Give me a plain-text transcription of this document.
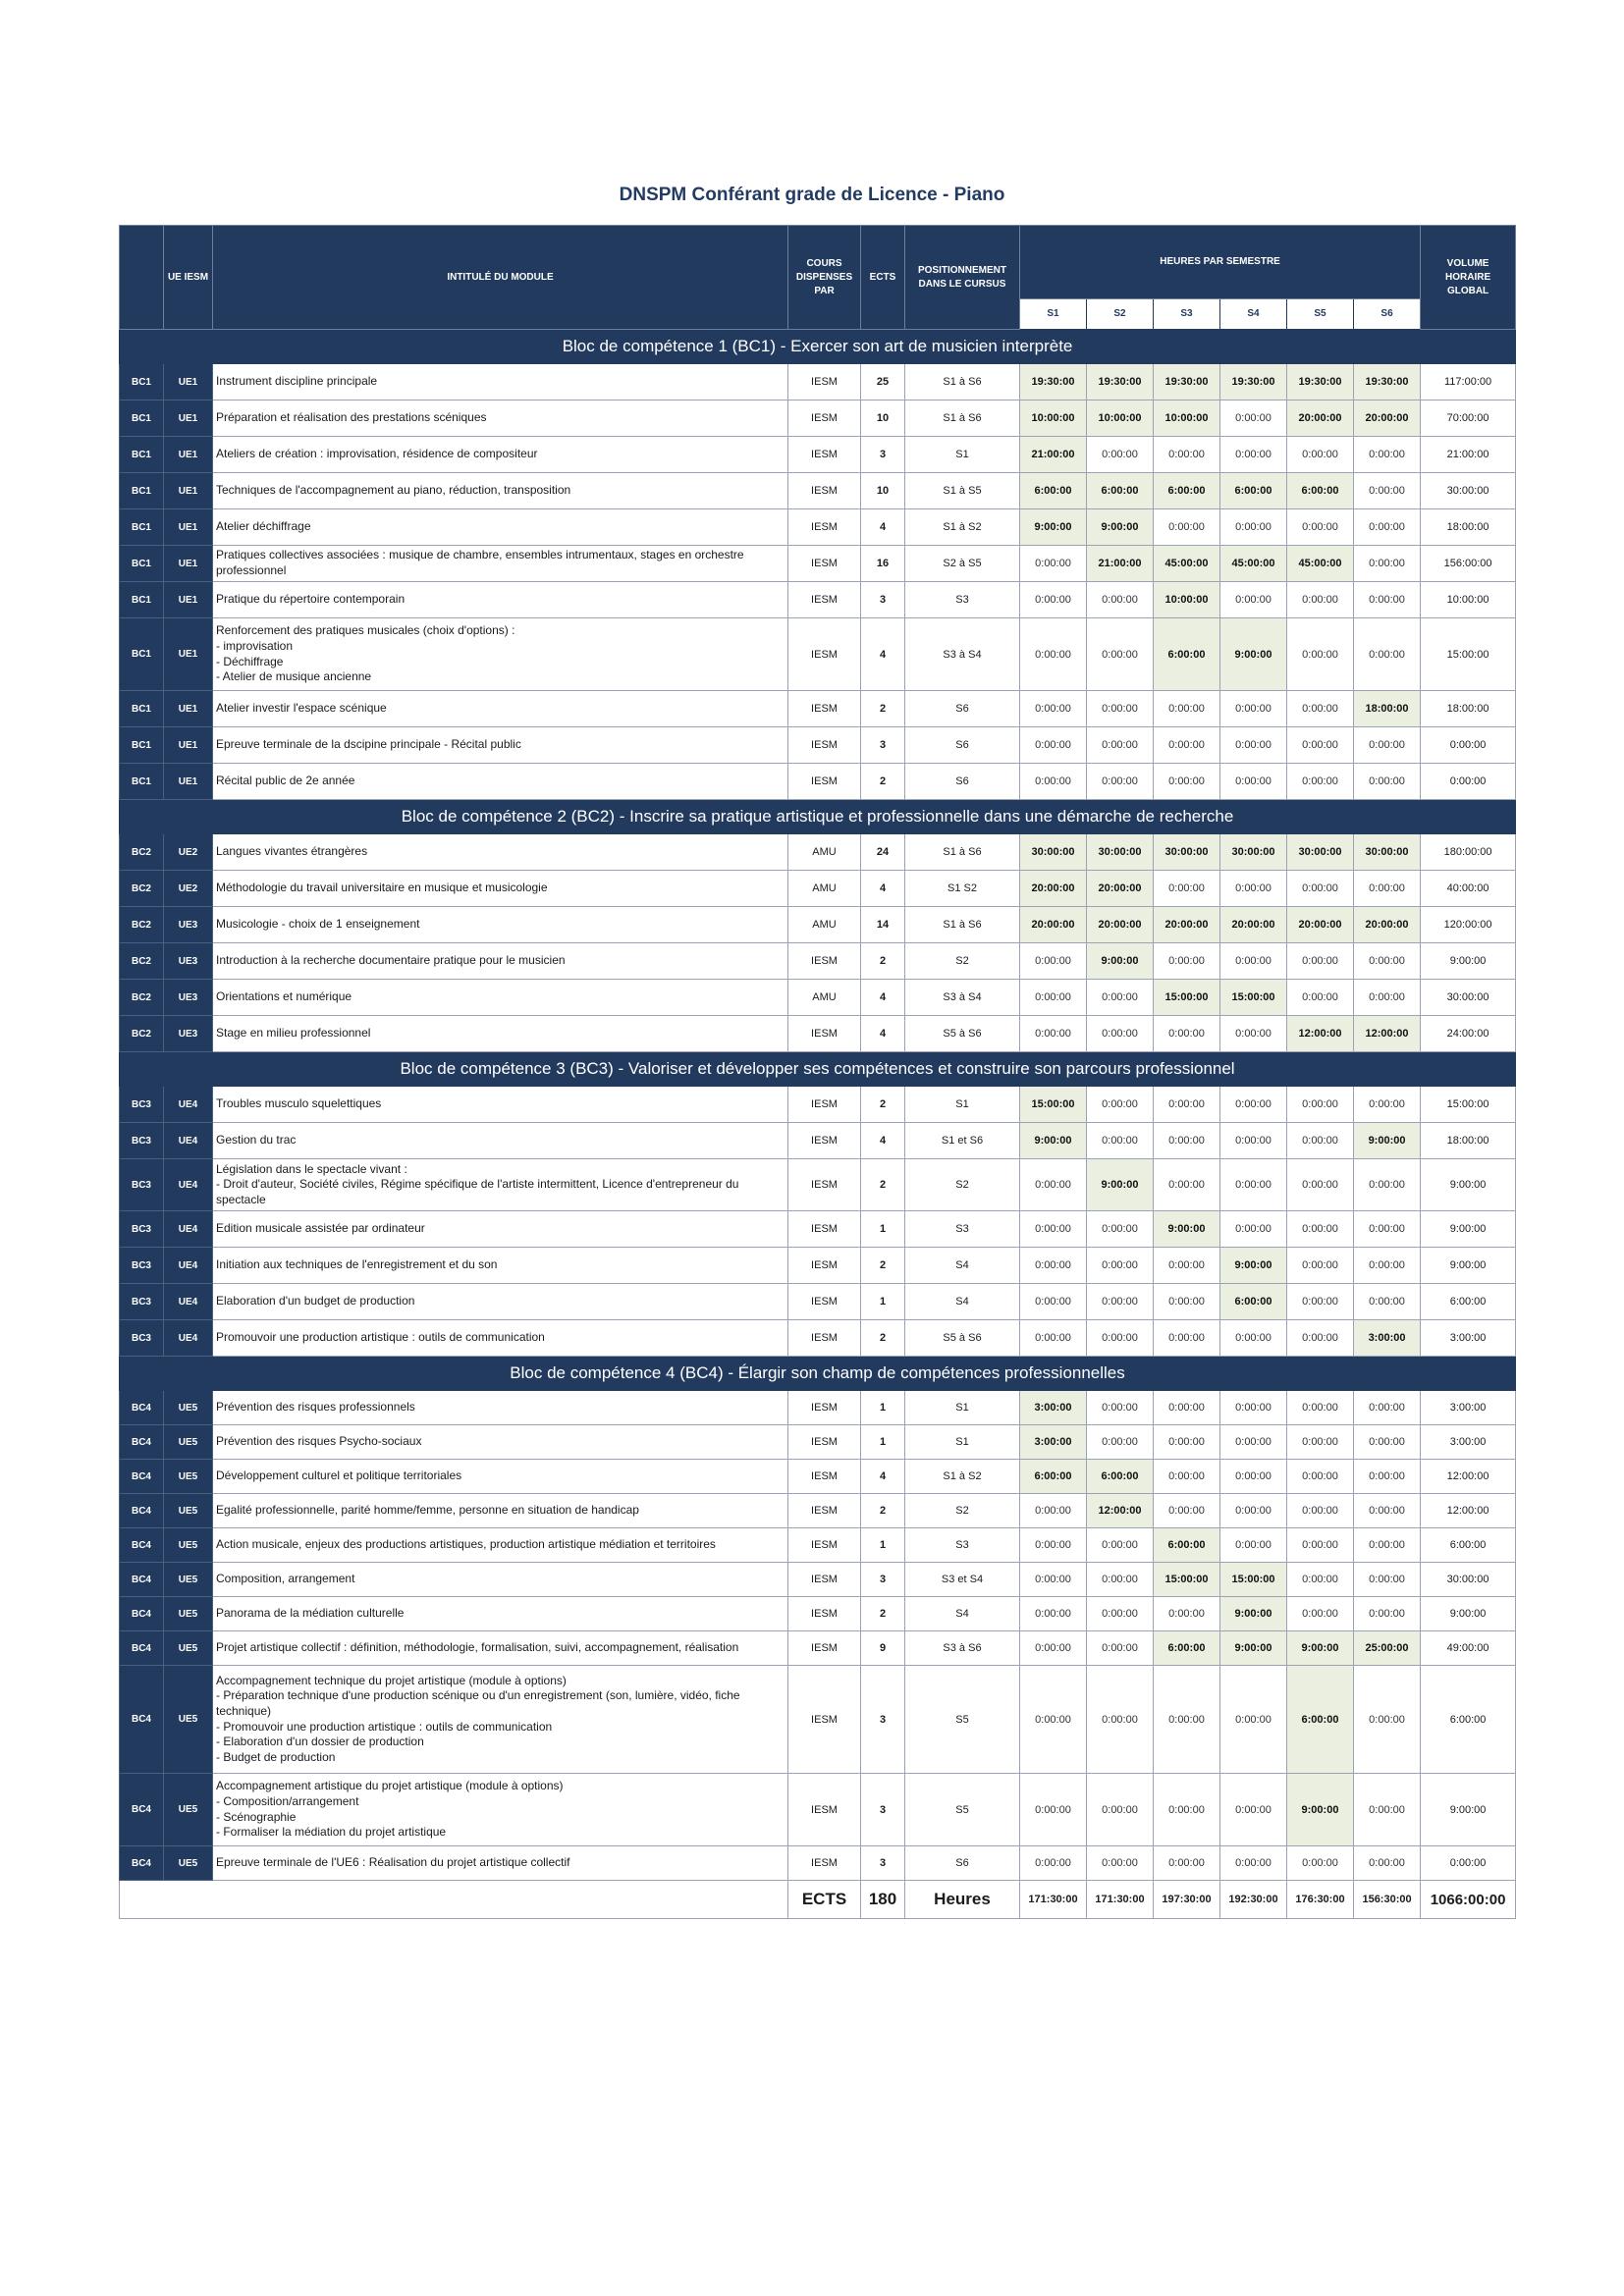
DNSPM Conférant grade de Licence - Piano
	UE IESM	INTITULÉ DU MODULE	COURS DISPENSES PAR	ECTS	POSITIONNEMENT DANS LE CURSUS	HEURES PAR SEMESTRE						VOLUME HORAIRE GLOBAL
						S1	S2	S3	S4	S5	S6	
Bloc de compétence 1 (BC1) - Exercer son art de musicien interprète												
BC1	UE1	Instrument discipline principale	IESM	25	S1 à S6	19:30:00	19:30:00	19:30:00	19:30:00	19:30:00	19:30:00	117:00:00
BC1	UE1	Préparation et réalisation des prestations scéniques	IESM	10	S1 à S6	10:00:00	10:00:00	10:00:00	0:00:00	20:00:00	20:00:00	70:00:00
BC1	UE1	Ateliers de création : improvisation, résidence de compositeur	IESM	3	S1	21:00:00	0:00:00	0:00:00	0:00:00	0:00:00	0:00:00	21:00:00
BC1	UE1	Techniques de l'accompagnement au piano, réduction, transposition	IESM	10	S1 à S5	6:00:00	6:00:00	6:00:00	6:00:00	6:00:00	0:00:00	30:00:00
BC1	UE1	Atelier déchiffrage	IESM	4	S1 à S2	9:00:00	9:00:00	0:00:00	0:00:00	0:00:00	0:00:00	18:00:00
BC1	UE1	Pratiques collectives associées : musique de chambre, ensembles intrumentaux, stages en orchestre professionnel	IESM	16	S2 à S5	0:00:00	21:00:00	45:00:00	45:00:00	45:00:00	0:00:00	156:00:00
BC1	UE1	Pratique du répertoire contemporain	IESM	3	S3	0:00:00	0:00:00	10:00:00	0:00:00	0:00:00	0:00:00	10:00:00
BC1	UE1	Renforcement des pratiques musicales (choix d'options) :
- improvisation
- Déchiffrage
- Atelier de musique ancienne	IESM	4	S3 à S4	0:00:00	0:00:00	6:00:00	9:00:00	0:00:00	0:00:00	15:00:00
BC1	UE1	Atelier investir l'espace scénique	IESM	2	S6	0:00:00	0:00:00	0:00:00	0:00:00	0:00:00	18:00:00	18:00:00
BC1	UE1	Epreuve terminale de la dscipine principale - Récital public	IESM	3	S6	0:00:00	0:00:00	0:00:00	0:00:00	0:00:00	0:00:00	0:00:00
BC1	UE1	Récital public de 2e année	IESM	2	S6	0:00:00	0:00:00	0:00:00	0:00:00	0:00:00	0:00:00	0:00:00
Bloc de compétence 2 (BC2) - Inscrire sa pratique artistique et professionnelle dans une démarche de recherche												
BC2	UE2	Langues vivantes étrangères	AMU	24	S1 à S6	30:00:00	30:00:00	30:00:00	30:00:00	30:00:00	30:00:00	180:00:00
BC2	UE2	Méthodologie du travail universitaire en musique et musicologie	AMU	4	S1 S2	20:00:00	20:00:00	0:00:00	0:00:00	0:00:00	0:00:00	40:00:00
BC2	UE3	Musicologie - choix de 1 enseignement	AMU	14	S1 à S6	20:00:00	20:00:00	20:00:00	20:00:00	20:00:00	20:00:00	120:00:00
BC2	UE3	Introduction à la recherche documentaire pratique pour le musicien	IESM	2	S2	0:00:00	9:00:00	0:00:00	0:00:00	0:00:00	0:00:00	9:00:00
BC2	UE3	Orientations et numérique	AMU	4	S3 à S4	0:00:00	0:00:00	15:00:00	15:00:00	0:00:00	0:00:00	30:00:00
BC2	UE3	Stage en milieu professionnel	IESM	4	S5 à S6	0:00:00	0:00:00	0:00:00	0:00:00	12:00:00	12:00:00	24:00:00
Bloc de compétence 3 (BC3) - Valoriser et développer ses compétences et construire son parcours professionnel												
BC3	UE4	Troubles musculo squelettiques	IESM	2	S1	15:00:00	0:00:00	0:00:00	0:00:00	0:00:00	0:00:00	15:00:00
BC3	UE4	Gestion du trac	IESM	4	S1 et S6	9:00:00	0:00:00	0:00:00	0:00:00	0:00:00	9:00:00	18:00:00
BC3	UE4	Législation dans le spectacle vivant :
- Droit d'auteur, Société civiles, Régime spécifique de l'artiste intermittent, Licence d'entrepreneur du spectacle	IESM	2	S2	0:00:00	9:00:00	0:00:00	0:00:00	0:00:00	0:00:00	9:00:00
BC3	UE4	Edition musicale assistée par ordinateur	IESM	1	S3	0:00:00	0:00:00	9:00:00	0:00:00	0:00:00	0:00:00	9:00:00
BC3	UE4	Initiation aux techniques de l'enregistrement et du son	IESM	2	S4	0:00:00	0:00:00	0:00:00	9:00:00	0:00:00	0:00:00	9:00:00
BC3	UE4	Elaboration d'un budget de production	IESM	1	S4	0:00:00	0:00:00	0:00:00	6:00:00	0:00:00	0:00:00	6:00:00
BC3	UE4	Promouvoir une production artistique : outils de communication	IESM	2	S5 à S6	0:00:00	0:00:00	0:00:00	0:00:00	0:00:00	3:00:00	3:00:00
Bloc de compétence 4 (BC4) - Élargir son champ de compétences professionnelles												
BC4	UE5	Prévention des risques professionnels	IESM	1	S1	3:00:00	0:00:00	0:00:00	0:00:00	0:00:00	0:00:00	3:00:00
BC4	UE5	Prévention des risques Psycho-sociaux	IESM	1	S1	3:00:00	0:00:00	0:00:00	0:00:00	0:00:00	0:00:00	3:00:00
BC4	UE5	Développement culturel et politique territoriales	IESM	4	S1 à S2	6:00:00	6:00:00	0:00:00	0:00:00	0:00:00	0:00:00	12:00:00
BC4	UE5	Egalité professionnelle, parité homme/femme, personne en situation de handicap	IESM	2	S2	0:00:00	12:00:00	0:00:00	0:00:00	0:00:00	0:00:00	12:00:00
BC4	UE5	Action musicale, enjeux des productions artistiques, production artistique médiation et territoires	IESM	1	S3	0:00:00	0:00:00	6:00:00	0:00:00	0:00:00	0:00:00	6:00:00
BC4	UE5	Composition, arrangement	IESM	3	S3 et S4	0:00:00	0:00:00	15:00:00	15:00:00	0:00:00	0:00:00	30:00:00
BC4	UE5	Panorama de la médiation culturelle	IESM	2	S4	0:00:00	0:00:00	0:00:00	9:00:00	0:00:00	0:00:00	9:00:00
BC4	UE5	Projet artistique collectif : définition, méthodologie, formalisation, suivi, accompagnement, réalisation	IESM	9	S3 à S6	0:00:00	0:00:00	6:00:00	9:00:00	9:00:00	25:00:00	49:00:00
BC4	UE5	Accompagnement technique du projet artistique (module à options)
- Préparation technique d'une production scénique ou d'un enregistrement (son, lumière, vidéo, fiche technique)
- Promouvoir une production artistique : outils de communication
- Elaboration d'un dossier de production
- Budget de production	IESM	3	S5	0:00:00	0:00:00	0:00:00	0:00:00	6:00:00	0:00:00	6:00:00
BC4	UE5	Accompagnement artistique du projet artistique (module à options)
- Composition/arrangement
- Scénographie
- Formaliser la médiation du projet artistique	IESM	3	S5	0:00:00	0:00:00	0:00:00	0:00:00	9:00:00	0:00:00	9:00:00
BC4	UE5	Epreuve terminale de l'UE6 : Réalisation du projet artistique collectif	IESM	3	S6	0:00:00	0:00:00	0:00:00	0:00:00	0:00:00	0:00:00	0:00:00
			ECTS	180	Heures	171:30:00	171:30:00	197:30:00	192:30:00	176:30:00	156:30:00	1066:00:00
